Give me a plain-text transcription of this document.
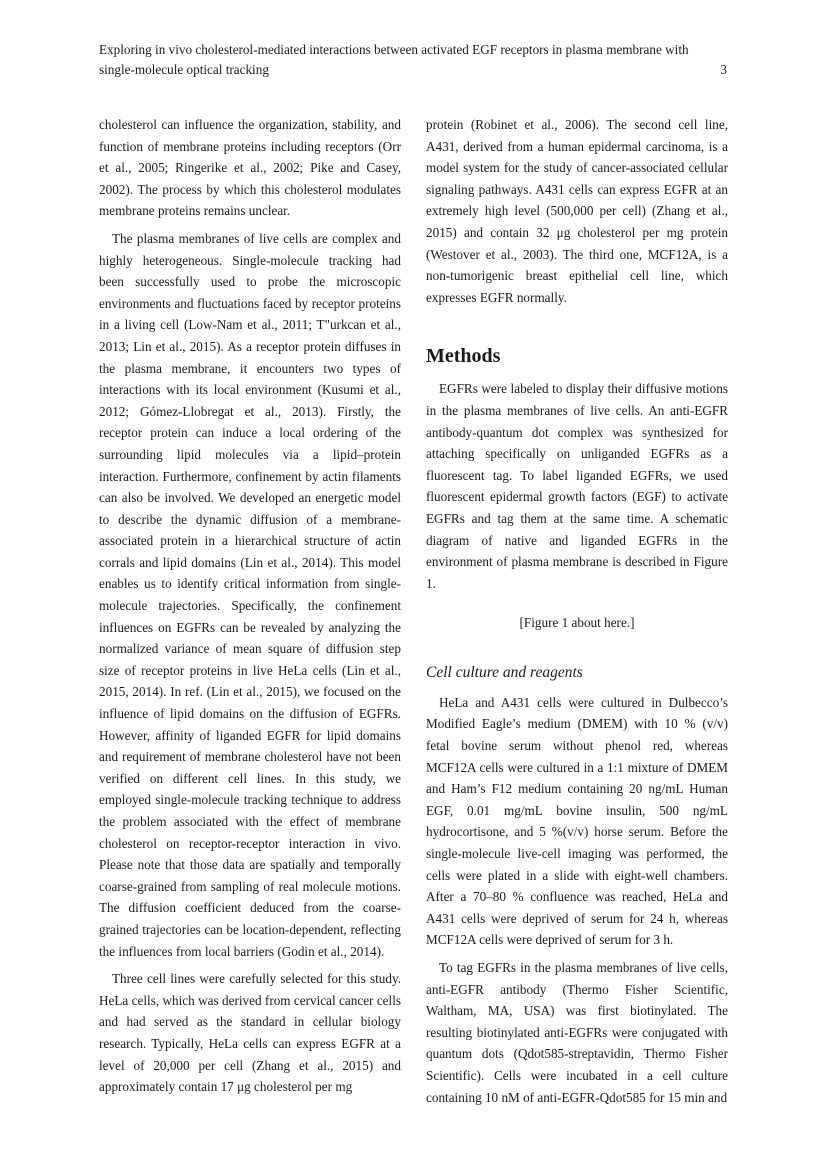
Exploring in vivo cholesterol-mediated interactions between activated EGF receptors in plasma membrane with single-molecule optical tracking	3

cholesterol can influence the organization, stability, and function of membrane proteins including receptors (Orr et al., 2005; Ringerike et al., 2002; Pike and Casey, 2002). The process by which this cholesterol modulates membrane proteins remains unclear.

The plasma membranes of live cells are complex and highly heterogeneous. Single-molecule tracking had been successfully used to probe the microscopic environments and fluctuations faced by receptor proteins in a living cell (Low-Nam et al., 2011; T"urkcan et al., 2013; Lin et al., 2015). As a receptor protein diffuses in the plasma membrane, it encounters two types of interactions with its local environment (Kusumi et al., 2012; Gómez-Llobregat et al., 2013). Firstly, the receptor protein can induce a local ordering of the surrounding lipid molecules via a lipid–protein interaction. Furthermore, confinement by actin filaments can also be involved. We developed an energetic model to describe the dynamic diffusion of a membrane-associated protein in a hierarchical structure of actin corrals and lipid domains (Lin et al., 2014). This model enables us to identify critical information from single-molecule trajectories. Specifically, the confinement influences on EGFRs can be revealed by analyzing the normalized variance of mean square of diffusion step size of receptor proteins in live HeLa cells (Lin et al., 2015, 2014). In ref. (Lin et al., 2015), we focused on the influence of lipid domains on the diffusion of EGFRs. However, affinity of liganded EGFR for lipid domains and requirement of membrane cholesterol have not been verified on different cell lines. In this study, we employed single-molecule tracking technique to address the problem associated with the effect of membrane cholesterol on receptor-receptor interaction in vivo. Please note that those data are spatially and temporally coarse-grained from sampling of real molecule motions. The diffusion coefficient deduced from the coarse-grained trajectories can be location-dependent, reflecting the influences from local barriers (Godin et al., 2014).

Three cell lines were carefully selected for this study. HeLa cells, which was derived from cervical cancer cells and had served as the standard in cellular biology research. Typically, HeLa cells can express EGFR at a level of 20,000 per cell (Zhang et al., 2015) and approximately contain 17 μg cholesterol per mg

protein (Robinet et al., 2006). The second cell line, A431, derived from a human epidermal carcinoma, is a model system for the study of cancer-associated cellular signaling pathways. A431 cells can express EGFR at an extremely high level (500,000 per cell) (Zhang et al., 2015) and contain 32 μg cholesterol per mg protein (Westover et al., 2003). The third one, MCF12A, is a non-tumorigenic breast epithelial cell line, which expresses EGFR normally.

Methods

EGFRs were labeled to display their diffusive motions in the plasma membranes of live cells. An anti-EGFR antibody-quantum dot complex was synthesized for attaching specifically on unliganded EGFRs as a fluorescent tag. To label liganded EGFRs, we used fluorescent epidermal growth factors (EGF) to activate EGFRs and tag them at the same time. A schematic diagram of native and liganded EGFRs in the environment of plasma membrane is described in Figure 1.

[Figure 1 about here.]

Cell culture and reagents

HeLa and A431 cells were cultured in Dulbecco’s Modified Eagle’s medium (DMEM) with 10 % (v/v) fetal bovine serum without phenol red, whereas MCF12A cells were cultured in a 1:1 mixture of DMEM and Ham’s F12 medium containing 20 ng/mL Human EGF, 0.01 mg/mL bovine insulin, 500 ng/mL hydrocortisone, and 5 %(v/v) horse serum. Before the single-molecule live-cell imaging was performed, the cells were plated in a slide with eight-well chambers. After a 70–80 % confluence was reached, HeLa and A431 cells were deprived of serum for 24 h, whereas MCF12A cells were deprived of serum for 3 h.

To tag EGFRs in the plasma membranes of live cells, anti-EGFR antibody (Thermo Fisher Scientific, Waltham, MA, USA) was first biotinylated. The resulting biotinylated anti-EGFRs were conjugated with quantum dots (Qdot585-streptavidin, Thermo Fisher Scientific). Cells were incubated in a cell culture containing 10 nM of anti-EGFR-Qdot585 for 15 min and
